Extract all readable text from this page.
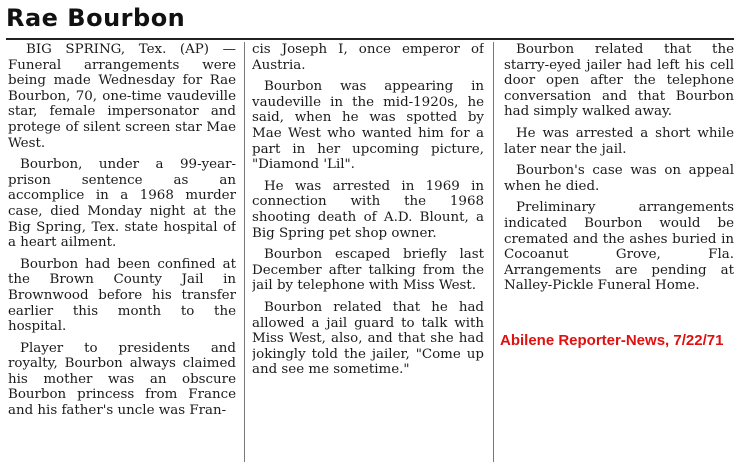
Rae Bourbon

BIG SPRING, Tex. (AP) — Funeral arrangements were being made Wednesday for Rae Bourbon, 70, one-time vaudeville star, female impersonator and protege of silent screen star Mae West.

Bourbon, under a 99-year-prison sentence as an accomplice in a 1968 murder case, died Monday night at the Big Spring, Tex. state hospital of a heart ailment.

Bourbon had been confined at the Brown County Jail in Brownwood before his transfer earlier this month to the hospital.

Player to presidents and royalty, Bourbon always claimed his mother was an obscure Bourbon princess from France and his father's uncle was Fran-

cis Joseph I, once emperor of Austria.

Bourbon was appearing in vaudeville in the mid-1920s, he said, when he was spotted by Mae West who wanted him for a part in her upcoming picture, "Diamond 'Lil".

He was arrested in 1969 in connection with the 1968 shooting death of A.D. Blount, a Big Spring pet shop owner.

Bourbon escaped briefly last December after talking from the jail by telephone with Miss West.

Bourbon related that he had allowed a jail guard to talk with Miss West, also, and that she had jokingly told the jailer, "Come up and see me sometime."

Bourbon related that the starry-eyed jailer had left his cell door open after the telephone conversation and that Bourbon had simply walked away.

He was arrested a short while later near the jail.

Bourbon's case was on appeal when he died.

Preliminary arrangements indicated Bourbon would be cremated and the ashes buried in Cocoanut Grove, Fla. Arrangements are pending at Nalley-Pickle Funeral Home.

Abilene Reporter-News, 7/22/71
